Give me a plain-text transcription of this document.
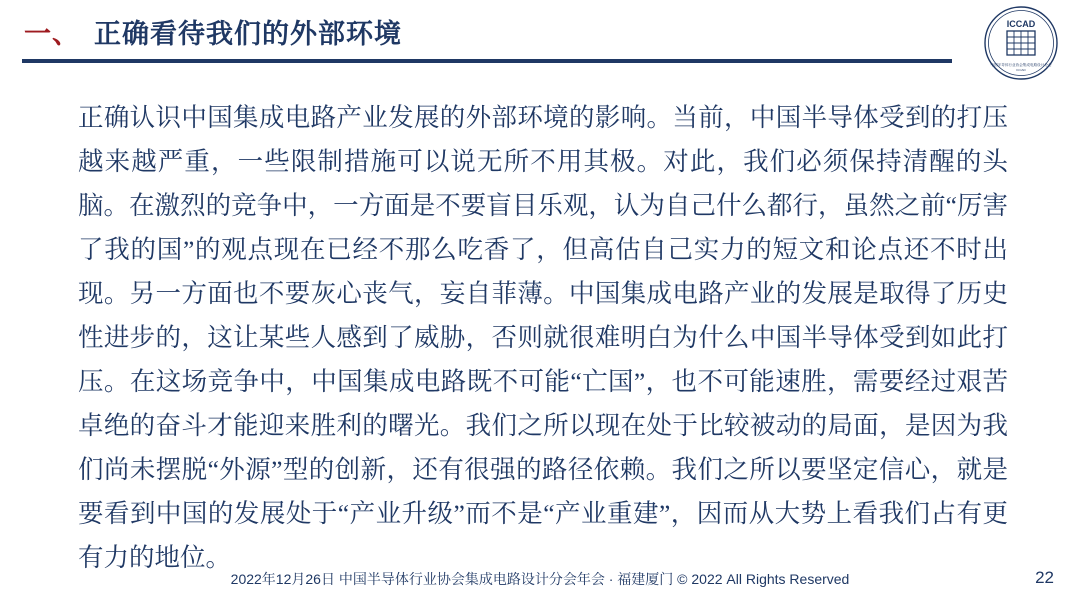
一、 正确看待我们的外部环境	ICCAD
中国半导体行业协会集成电路设计分会
ICCAD
正确认识中国集成电路产业发展的外部环境的影响。当前，中国半导体受到的打压越来越严重，一些限制措施可以说无所不用其极。对此，我们必须保持清醒的头脑。在激烈的竞争中，一方面是不要盲目乐观，认为自己什么都行，虽然之前“厉害了我的国”的观点现在已经不那么吃香了，但高估自己实力的短文和论点还不时出现。另一方面也不要灰心丧气，妄自菲薄。中国集成电路产业的发展是取得了历史性进步的，这让某些人感到了威胁，否则就很难明白为什么中国半导体受到如此打压。在这场竞争中，中国集成电路既不可能“亡国”，也不可能速胜，需要经过艰苦卓绝的奋斗才能迎来胜利的曙光。我们之所以现在处于比较被动的局面，是因为我们尚未摆脱“外源”型的创新，还有很强的路径依赖。我们之所以要坚定信心，就是要看到中国的发展处于“产业升级”而不是“产业重建”，因而从大势上看我们占有更有力的地位。
2022年12月26日 中国半导体行业协会集成电路设计分会年会 · 福建厦门 © 2022 All Rights Reserved	22
